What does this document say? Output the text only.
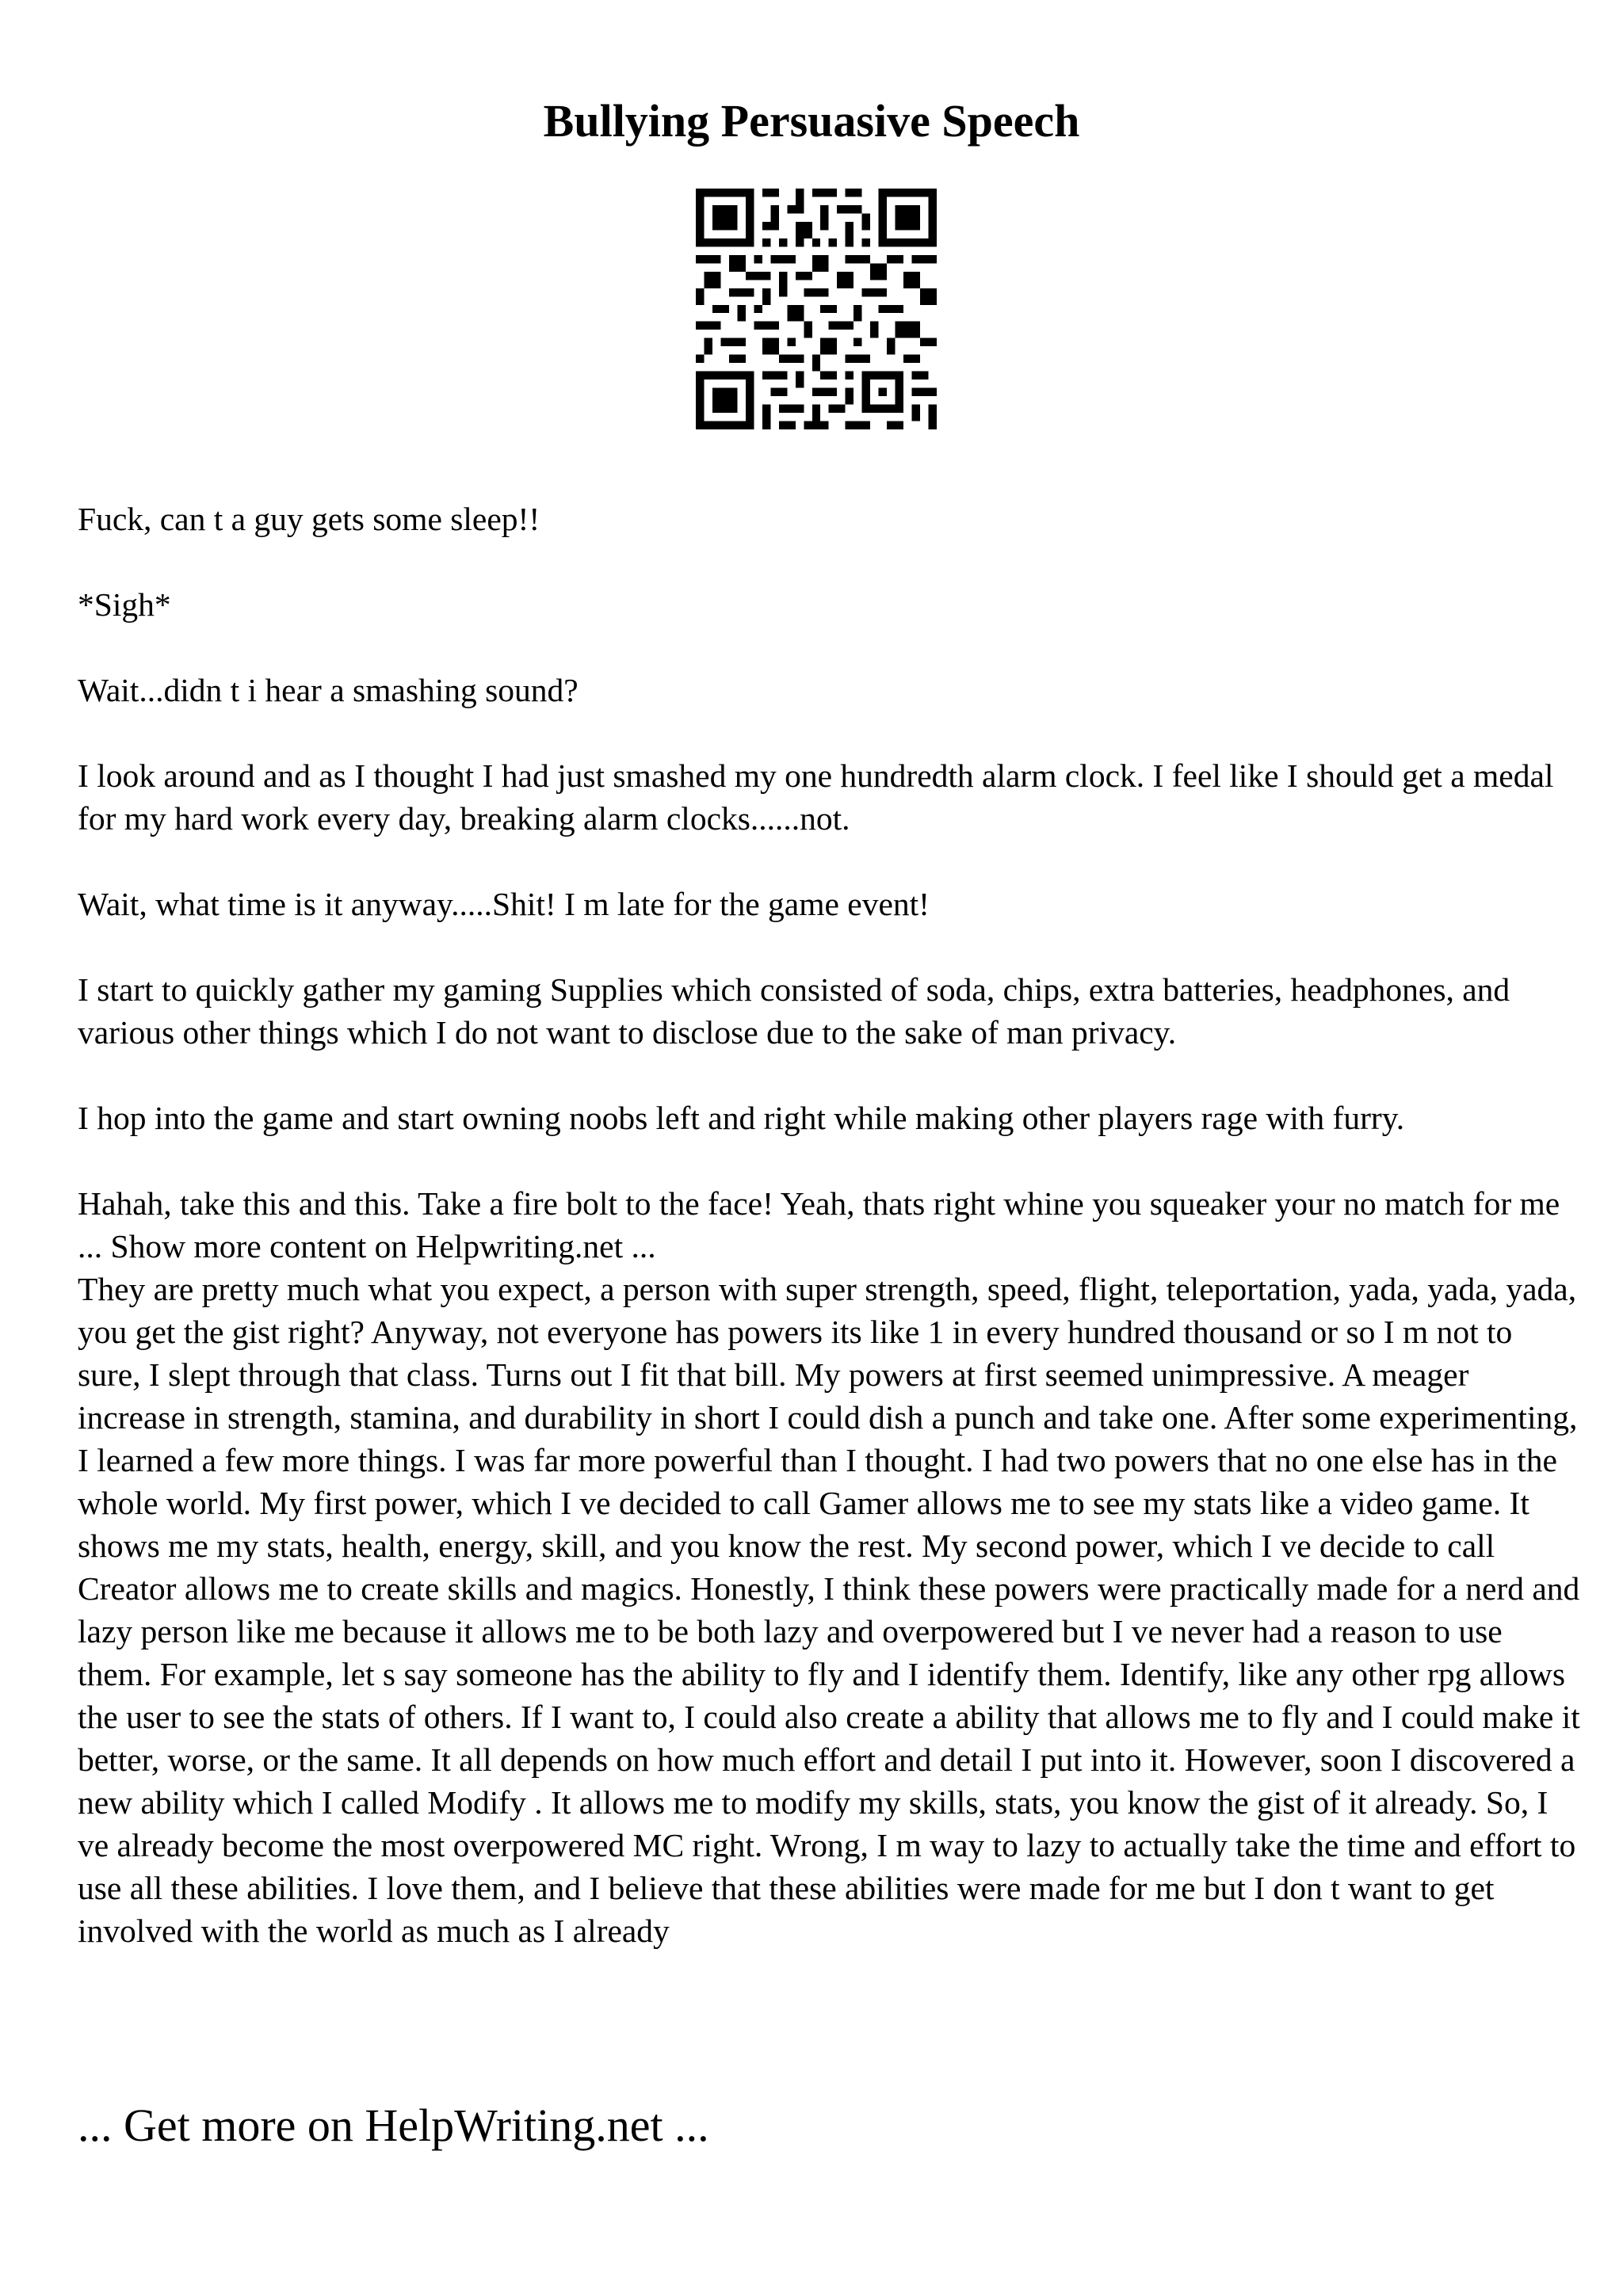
Bullying Persuasive Speech

Fuck, can t a guy gets some sleep!!

*Sigh*

Wait...didn t i hear a smashing sound?

I look around and as I thought I had just smashed my one hundredth alarm clock. I feel like I should get a medal for my hard work every day, breaking alarm clocks......not.

Wait, what time is it anyway.....Shit! I m late for the game event!

I start to quickly gather my gaming Supplies which consisted of soda, chips, extra batteries, headphones, and various other things which I do not want to disclose due to the sake of man privacy.

I hop into the game and start owning noobs left and right while making other players rage with furry.

Hahah, take this and this. Take a fire bolt to the face! Yeah, thats right whine you squeaker your no match for me ... Show more content on Helpwriting.net ...

They are pretty much what you expect, a person with super strength, speed, flight, teleportation, yada, yada, yada, you get the gist right? Anyway, not everyone has powers its like 1 in every hundred thousand or so I m not to sure, I slept through that class. Turns out I fit that bill. My powers at first seemed unimpressive. A meager increase in strength, stamina, and durability in short I could dish a punch and take one. After some experimenting, I learned a few more things. I was far more powerful than I thought. I had two powers that no one else has in the whole world. My first power, which I ve decided to call Gamer allows me to see my stats like a video game. It shows me my stats, health, energy, skill, and you know the rest. My second power, which I ve decide to call Creator allows me to create skills and magics. Honestly, I think these powers were practically made for a nerd and lazy person like me because it allows me to be both lazy and overpowered but I ve never had a reason to use them. For example, let s say someone has the ability to fly and I identify them. Identify, like any other rpg allows the user to see the stats of others. If I want to, I could also create a ability that allows me to fly and I could make it better, worse, or the same. It all depends on how much effort and detail I put into it. However, soon I discovered a new ability which I called Modify . It allows me to modify my skills, stats, you know the gist of it already. So, I ve already become the most overpowered MC right. Wrong, I m way to lazy to actually take the time and effort to use all these abilities. I love them, and I believe that these abilities were made for me but I don t want to get involved with the world as much as I already

... Get more on HelpWriting.net ...
